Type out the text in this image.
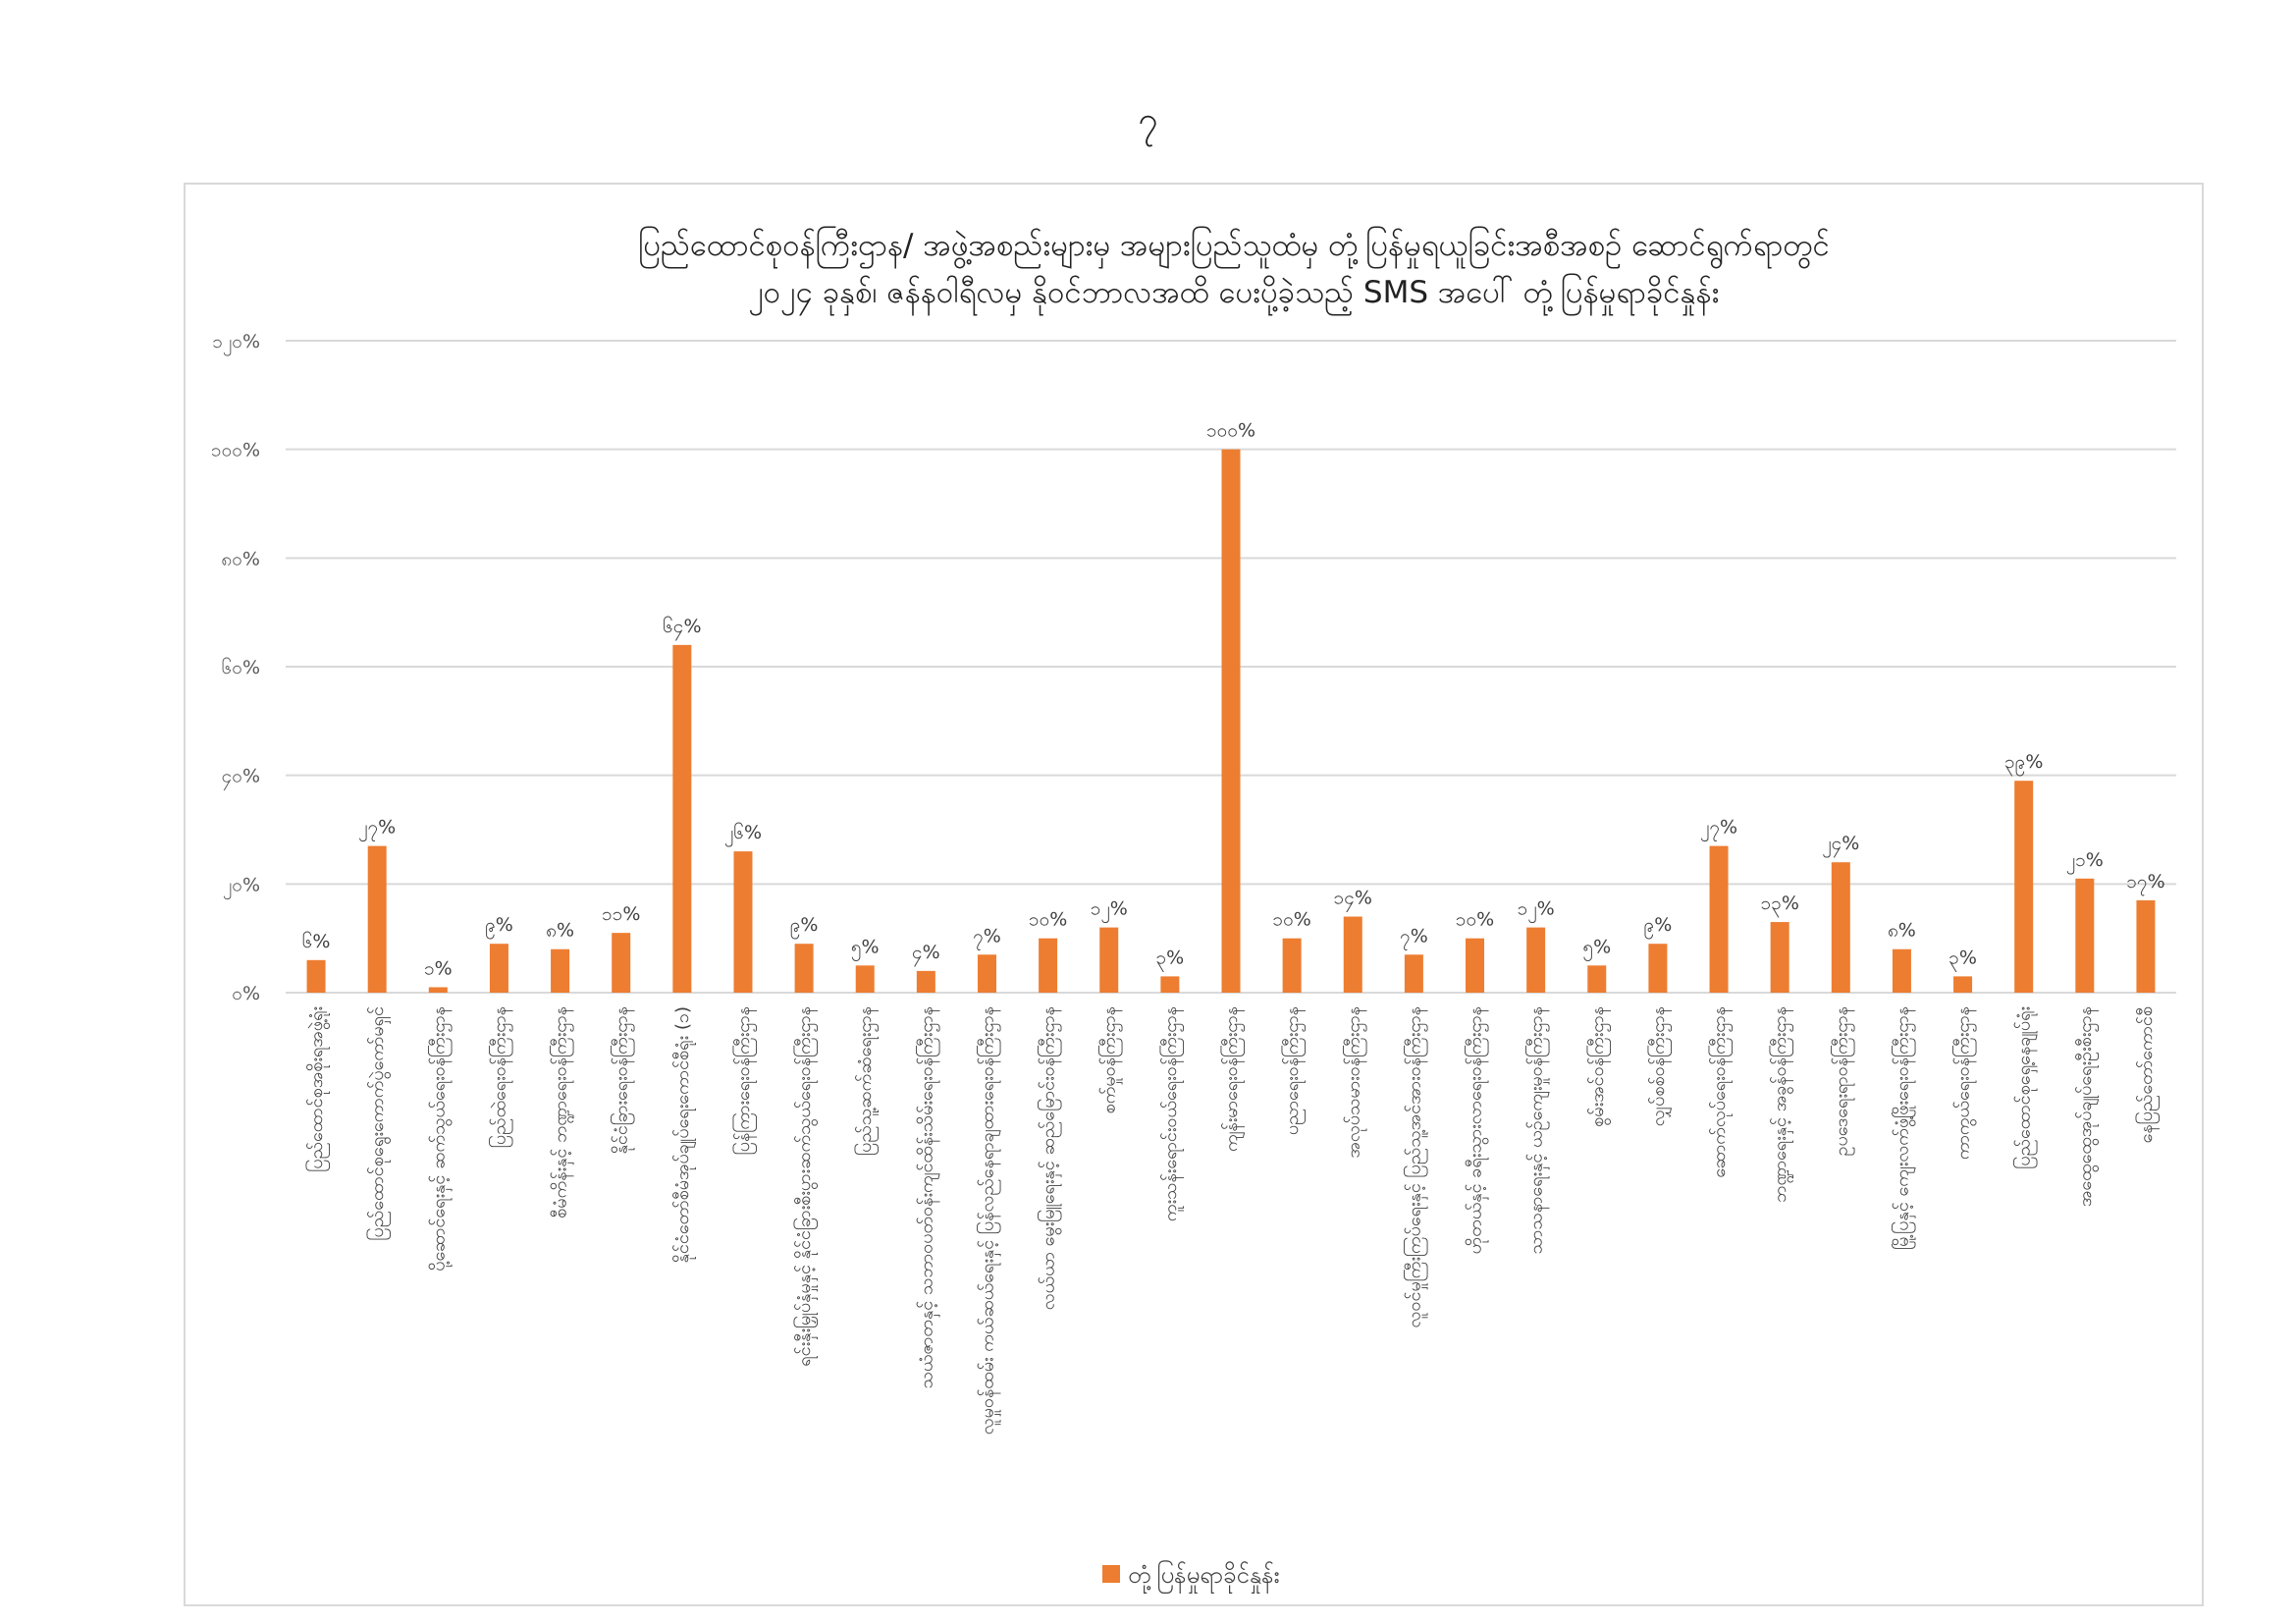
၇
ပြည်ထောင်စုဝန်ကြီးဌာန/ အဖွဲ့အစည်းများမှ အများပြည်သူထံမှ တုံ့ပြန်မှုရယူခြင်းအစီအစဉ် ဆောင်ရွက်ရာတွင်
၂၀၂၄ ခုနှစ်၊ ဇန်နဝါရီလမှ နိုဝင်ဘာလအထိ ပေးပို့ခဲ့သည့် SMS အပေါ် တုံ့ပြန်မှုရာခိုင်နှုန်း
၀%
၂၀%
၄၀%
၆၀%
၈၀%
၁၀၀%
၁၂၀%
၆%
၂၇%
၁%
၉% ၈%
၁၁%
၆၄%
၂၆%
၉%
၅% ၄%
၇%
၁၀%
၁၂%
၃%
၁၀၀%
၁၀%
၁၄%
၇%
၁၀%
၁၂%
၅%
၉%
၂၇%
၁၃%
၂၄%
၈%
၃%
၃၉%
၂၁%
၁၇%
ပြည်ထောင်စုအစိုးရအဖွဲ့ရုံး ပြည်ထောင်စုရွေးကောက်ပွဲကော်မရှင် ပို့ဆောင်ရေးနှင့် ဆက်သွယ်ရေးဝန်ကြီးဌာန ပြည်ထဲရေးဝန်ကြီးဌာန စီမံကိန်းနှင့် ဘဏ္ဍာရေးဝန်ကြီးဌာန နိုင်ငံခြားရေးဝန်ကြီးဌာန နိုင်ငံတော်စီမံအုပ်ချုပ်ရေးကောင်စီရုံး (၁) ပြန်ကြားရေးဝန်ကြီးဌာန ရင်းနှီးမြှုပ်နှံမှုနှင့် နိုင်ငံခြားစီးပွားဆက်သွယ်ရေးဝန်ကြီးဌာန ပြည်သူ့ဆက်ဆံရေးဌာန သယံဇာတနှင့် သဘာဝပတ်ဝန်းကျင်ထိန်းသိမ်းရေးဝန်ကြီးဌာန လူမှုဝန်ထမ်း ကယ်ဆယ်ရေးနှင့် ပြန်လည်နေရာချထားရေးဝန်ကြီးဌာန လယ်ယာ မွေးမြူရေးနှင့် ဆည်မြောင်းဝန်ကြီးဌာန စက်မှုဝန်ကြီးဌာန ကူးသန်းရောင်းဝယ်ရေးဝန်ကြီးဌာန ကျန်းမာရေးဝန်ကြီးဌာန ပညာရေးဝန်ကြီးဌာန အလုပ်သမားဝန်ကြီးဌာန လူဝင်မှုကြီးကြပ်ရေးနှင့် ပြည်သူ့အင်အားဝန်ကြီးဌာန ဟိုတယ်နှင့် ခရီးသွားလာရေးဝန်ကြီးဌာန သာသနာရေးနှင့် ယဉ်ကျေးမှုဝန်ကြီးဌာန စွမ်းအင်ဝန်ကြီးဌာန လျှပ်စစ်ဝန်ကြီးဌာန ဆောက်လုပ်ရေးဝန်ကြီးဌာန ဘဏ္ဍာရေးနှင့် အခွန်ဝန်ကြီးဌာန ဥပဒေရေးရာဝန်ကြီးဌာန မြို့ပြနှင့် ကျေးလက်ဖွံ့ဖြိုးရေးဝန်ကြီးဌာန ကာကွယ်ရေးဝန်ကြီးဌာန ပြည်ထောင်စုရှေ့နေချုပ်ရုံး အထွေထွေအုပ်ချုပ်ရေးဦးစီးဌာန နေပြည်တော်ကောင်စီ
တုံ့ပြန်မှုရာခိုင်နှုန်း
